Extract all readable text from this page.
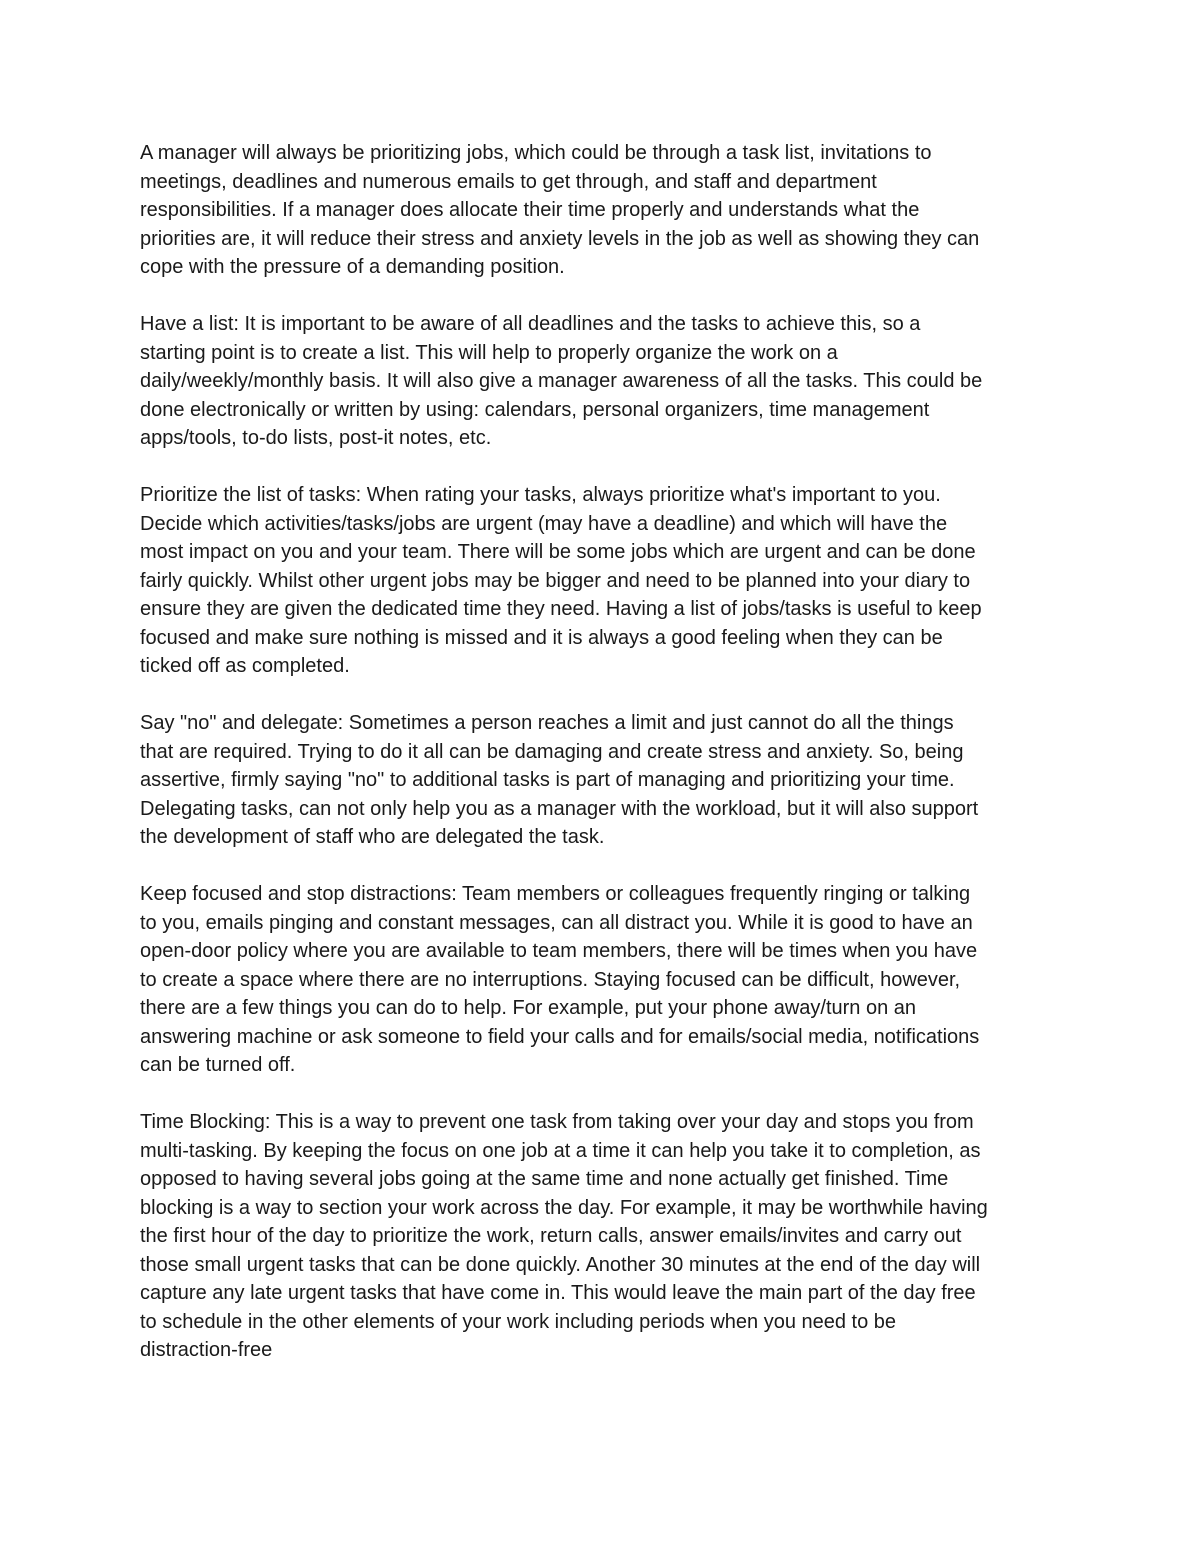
A manager will always be prioritizing jobs, which could be through a task list, invitations to
meetings, deadlines and numerous emails to get through, and staff and department
responsibilities. If a manager does allocate their time properly and understands what the
priorities are, it will reduce their stress and anxiety levels in the job as well as showing they can
cope with the pressure of a demanding position.

Have a list: It is important to be aware of all deadlines and the tasks to achieve this, so a
starting point is to create a list. This will help to properly organize the work on a
daily/weekly/monthly basis. It will also give a manager awareness of all the tasks. This could be
done electronically or written by using: calendars, personal organizers, time management
apps/tools, to-do lists, post-it notes, etc.

Prioritize the list of tasks: When rating your tasks, always prioritize what's important to you.
Decide which activities/tasks/jobs are urgent (may have a deadline) and which will have the
most impact on you and your team. There will be some jobs which are urgent and can be done
fairly quickly. Whilst other urgent jobs may be bigger and need to be planned into your diary to
ensure they are given the dedicated time they need. Having a list of jobs/tasks is useful to keep
focused and make sure nothing is missed and it is always a good feeling when they can be
ticked off as completed.

Say "no" and delegate: Sometimes a person reaches a limit and just cannot do all the things
that are required. Trying to do it all can be damaging and create stress and anxiety. So, being
assertive, firmly saying "no" to additional tasks is part of managing and prioritizing your time.
Delegating tasks, can not only help you as a manager with the workload, but it will also support
the development of staff who are delegated the task.

Keep focused and stop distractions: Team members or colleagues frequently ringing or talking
to you, emails pinging and constant messages, can all distract you. While it is good to have an
open-door policy where you are available to team members, there will be times when you have
to create a space where there are no interruptions. Staying focused can be difficult, however,
there are a few things you can do to help. For example, put your phone away/turn on an
answering machine or ask someone to field your calls and for emails/social media, notifications
can be turned off.

Time Blocking: This is a way to prevent one task from taking over your day and stops you from
multi-tasking. By keeping the focus on one job at a time it can help you take it to completion, as
opposed to having several jobs going at the same time and none actually get finished. Time
blocking is a way to section your work across the day. For example, it may be worthwhile having
the first hour of the day to prioritize the work, return calls, answer emails/invites and carry out
those small urgent tasks that can be done quickly. Another 30 minutes at the end of the day will
capture any late urgent tasks that have come in. This would leave the main part of the day free
to schedule in the other elements of your work including periods when you need to be
distraction-free
